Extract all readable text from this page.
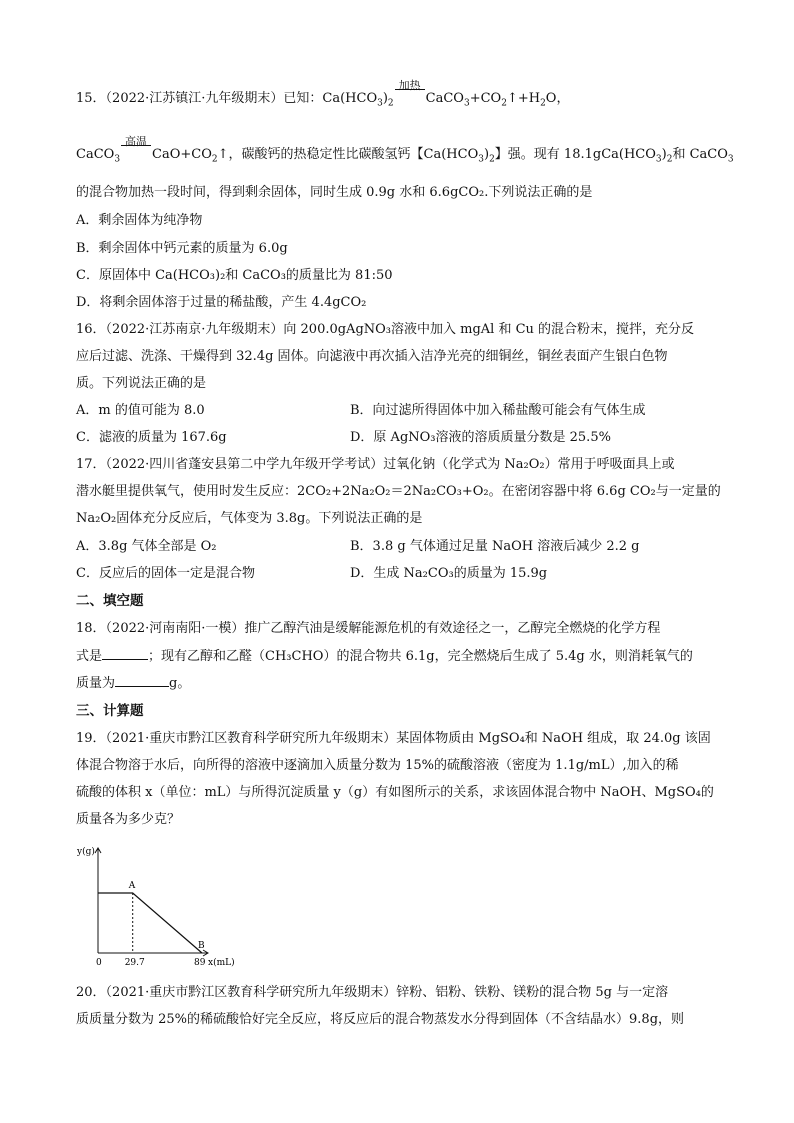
15．（2022·江苏镇江·九年级期末）已知：$Ca(HCO_3)_2$
加热
$CaCO_3+CO_2↑+H_2O$，
CaCO$_3$
高温
$CaO+CO_2↑$，碳酸钙的热稳定性比碳酸氢钙【$Ca(HCO_3)_2$】强。现有 $18.1gCa(HCO_3)_2$和 CaCO$_3$
的混合物加热一段时间，得到剩余固体，同时生成 0.9g 水和 6.6gCO₂.下列说法正确的是
A．剩余固体为纯净物
B．剩余固体中钙元素的质量为 6.0g
C．原固体中 Ca(HCO₃)₂和 CaCO₃的质量比为 81:50
D．将剩余固体溶于过量的稀盐酸，产生 4.4gCO₂
16．（2022·江苏南京·九年级期末）向 200.0gAgNO₃溶液中加入 mgAl 和 Cu 的混合粉末，搅拌，充分反
应后过滤、洗涤、干燥得到 32.4g 固体。向滤液中再次插入洁净光亮的细铜丝，铜丝表面产生银白色物
质。下列说法正确的是
A．m 的值可能为 8.0	B．向过滤所得固体中加入稀盐酸可能会有气体生成
C．滤液的质量为 167.6g	D．原 AgNO₃溶液的溶质质量分数是 25.5%
17．（2022·四川省蓬安县第二中学九年级开学考试）过氧化钠（化学式为 Na₂O₂）常用于呼吸面具上或
潜水艇里提供氧气，使用时发生反应：2CO₂+2Na₂O₂＝2Na₂CO₃+O₂。在密闭容器中将 6.6g CO₂与一定量的
Na₂O₂固体充分反应后，气体变为 3.8g。下列说法正确的是
A．3.8g 气体全部是 O₂	B．3.8 g 气体通过足量 NaOH 溶液后减少 2.2 g
C．反应后的固体一定是混合物	D．生成 Na₂CO₃的质量为 15.9g
二、填空题
18．（2022·河南南阳·一模）推广乙醇汽油是缓解能源危机的有效途径之一，乙醇完全燃烧的化学方程
式是	；现有乙醇和乙醛（CH₃CHO）的混合物共 6.1g，完全燃烧后生成了 5.4g 水，则消耗氧气的
质量为	g。
三、计算题
19．（2021·重庆市黔江区教育科学研究所九年级期末）某固体物质由 MgSO₄和 NaOH 组成，取 24.0g 该固
体混合物溶于水后，向所得的溶液中逐滴加入质量分数为 15%的硫酸溶液（密度为 1.1g/mL）,加入的稀
硫酸的体积 x（单位：mL）与所得沉淀质量 y（g）有如图所示的关系，求该固体混合物中 NaOH、MgSO₄的
质量各为多少克？
y(g)
x(mL)
0	29.7	89
A
B
20．（2021·重庆市黔江区教育科学研究所九年级期末）锌粉、铝粉、铁粉、镁粉的混合物 5g 与一定溶
质质量分数为 25%的稀硫酸恰好完全反应，将反应后的混合物蒸发水分得到固体（不含结晶水）9.8g，则
